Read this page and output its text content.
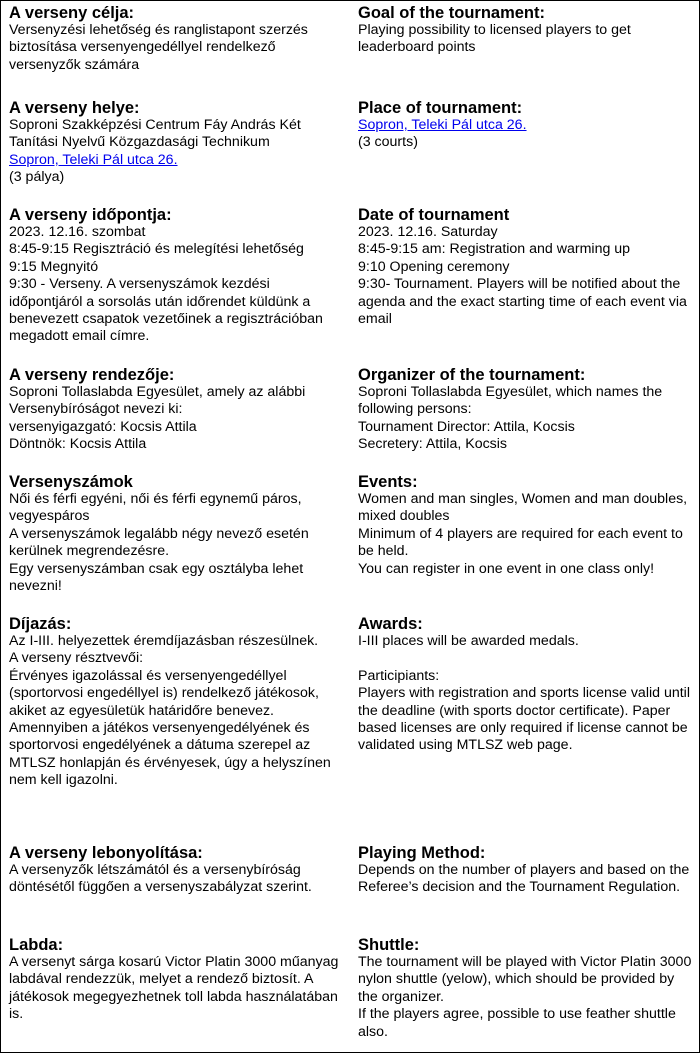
A verseny célja:
Versenyzési lehetőség és ranglistapont szerzés biztosítása versenyengedéllyel rendelkező versenyzők számára
Goal of the tournament:
Playing possibility to licensed players to get leaderboard points
A verseny helye:
Soproni Szakképzési Centrum Fáy András Két Tanítási Nyelvű Közgazdasági Technikum
Sopron, Teleki Pál utca 26.
(3 pálya)
Place of tournament:
Sopron, Teleki Pál utca 26.
(3 courts)
A verseny időpontja:
2023. 12.16. szombat
8:45-9:15 Regisztráció és melegítési lehetőség
9:15 Megnyitó
9:30 - Verseny. A versenyszámok kezdési időpontjáról a sorsolás után időrendet küldünk a benevezett csapatok vezetőinek a regisztrációban megadott email címre.
Date of tournament
2023. 12.16. Saturday
8:45-9:15 am: Registration and warming up
9:10 Opening ceremony
9:30- Tournament. Players will be notified about the agenda and the exact starting time of each event via email
A verseny rendezője:
Soproni Tollaslabda Egyesület, amely az alábbi Versenybíróságot nevezi ki:
versenyigazgató: Kocsis Attila
Döntnök: Kocsis Attila
Organizer of the tournament:
Soproni Tollaslabda Egyesület, which names the following persons:
Tournament Director: Attila, Kocsis
Secretery: Attila, Kocsis
Versenyszámok
Női és férfi egyéni, női és férfi egynemű páros, vegyespáros
A versenyszámok legalább négy nevező esetén kerülnek megrendezésre.
Egy versenyszámban csak egy osztályba lehet nevezni!
Events:
Women and man singles, Women and man doubles, mixed doubles
Minimum of 4 players are required for each event to be held.
You can register in one event in one class only!
Díjazás:
Az I-III. helyezettek éremdíjazásban részesülnek.
A verseny résztvevői:
Érvényes igazolással és versenyengedéllyel (sportorvosi engedéllyel is) rendelkező játékosok, akiket az egyesületük határidőre benevez. Amennyiben a játékos versenyengedélyének és sportorvosi engedélyének a dátuma szerepel az MTLSZ honlapján és érvényesek, úgy a helyszínen nem kell igazolni.
Awards:
I-III places will be awarded medals.
Participiants:
Players with registration and sports license valid until the deadline (with sports doctor certificate). Paper based licenses are only required if license cannot be validated using MTLSZ web page.
A verseny lebonyolítása:
A versenyzők létszámától és a versenybíróság döntésétől függően a versenyszabályzat szerint.
Playing Method:
Depends on the number of players and based on the Referee’s decision and the Tournament Regulation.
Labda:
A versenyt sárga kosarú Victor Platin 3000 műanyag labdával rendezzük, melyet a rendező biztosít. A játékosok megegyezhetnek toll labda használatában is.
Shuttle:
The tournament will be played with Victor Platin 3000 nylon shuttle (yelow), which should be provided by the organizer.
If the players agree, possible to use feather shuttle also.
